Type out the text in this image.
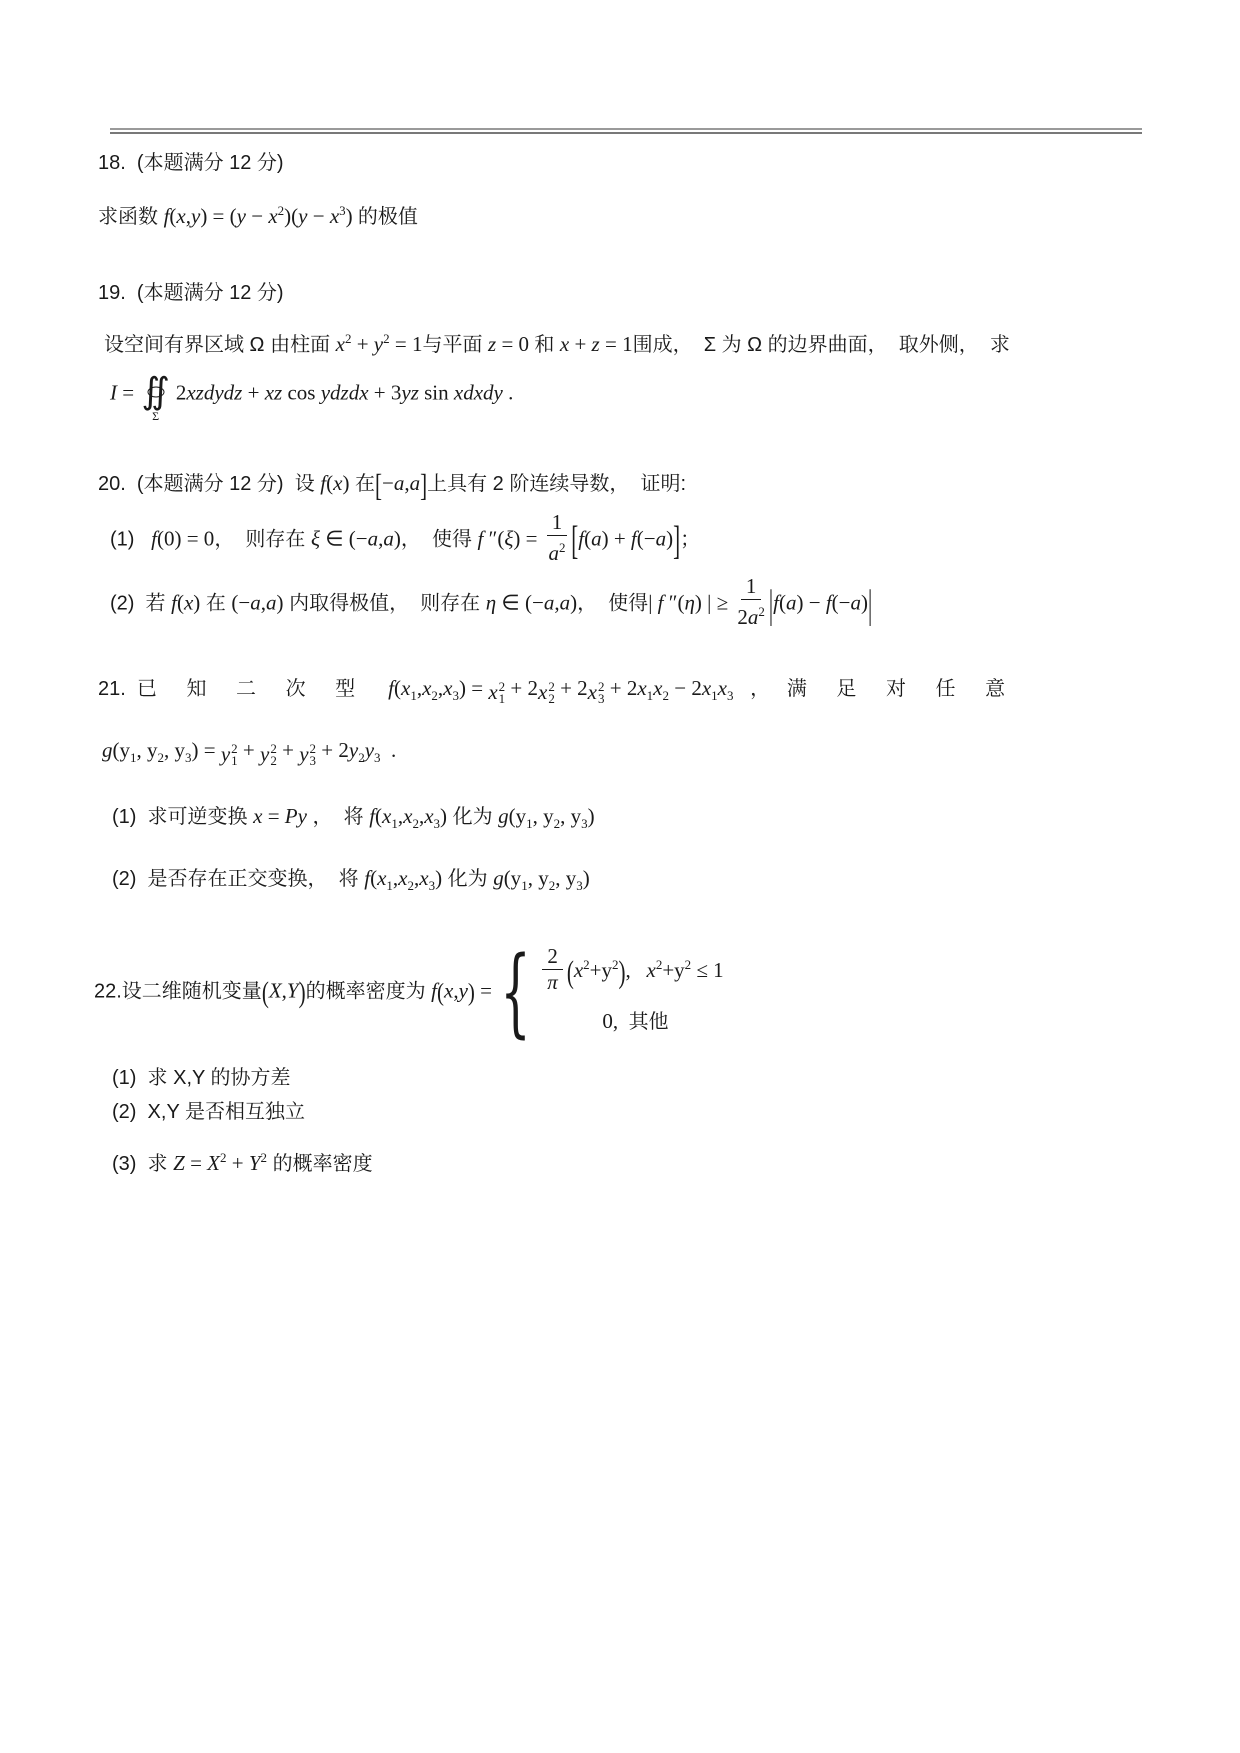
18.  (本题满分 12 分)
求函数 $f(x,y) = (y - x^2)(y - x^3)$ 的极值
19.  (本题满分 12 分)
设空间有界区域 Ω 由柱面 $x^2 + y^2 = 1$与平面 z = 0 和 x + z = 1围成，  Σ 为 Ω 的边界曲面，  取外侧，  求
I = ∫∫
Σ
2xzdydz + xz cos ydzdx + 3yz sin xdxdy .
20.  (本题满分 12 分)  设 f(x) 在[−a,a]上具有 2 阶连续导数，  证明:
(1)   f(0) = 0，  则存在 ξ ∈ (−a,a)，  使得 f $''(\xi) = \frac{1}{a^2} [f(a) + f(-a)]$；
(2)  若 f(x) 在 (−a,a) 内取得极值，  则存在 η ∈ (−a,a)，  使得| f ″(η) | ≥ $\frac{1}{2a^2} |f(a) - f(-a)|$
21.  已 知 二 次 型 $f(x_1,x_2,x_3) = x$ 2
1 + 2 x 2
2 + 2 x 2
$3 + 2x_1x_2 - 2x_1x_3$   ，   满 足 对 任 意
$g(y_1$, $y_2$, $y_3) = y$ 2
1 + y 2
2 + y 2
$3 + 2y_2y_3$  .
(1)  求可逆变换 x = Py ，  将 $f(x_1,x_2,x_3)$ 化为 $g(y_1$, $y_2$, $y_3$)
(2)  是否存在正交变换，  将 $f(x_1,x_2,x_3)$ 化为 $g(y_1$, $y_2$, $y_3$)
22.设二维随机变量(X,Y)的概率密度为 f(x,y) = { $\frac{2}{\pi} (x^2+y^2)$,   $x^2+y^2 \le 1$
0,  其他
(1)  求 X,Y 的协方差
(2)  X,Y 是否相互独立
(3)  求 $Z = X^2 + Y^2$ 的概率密度
